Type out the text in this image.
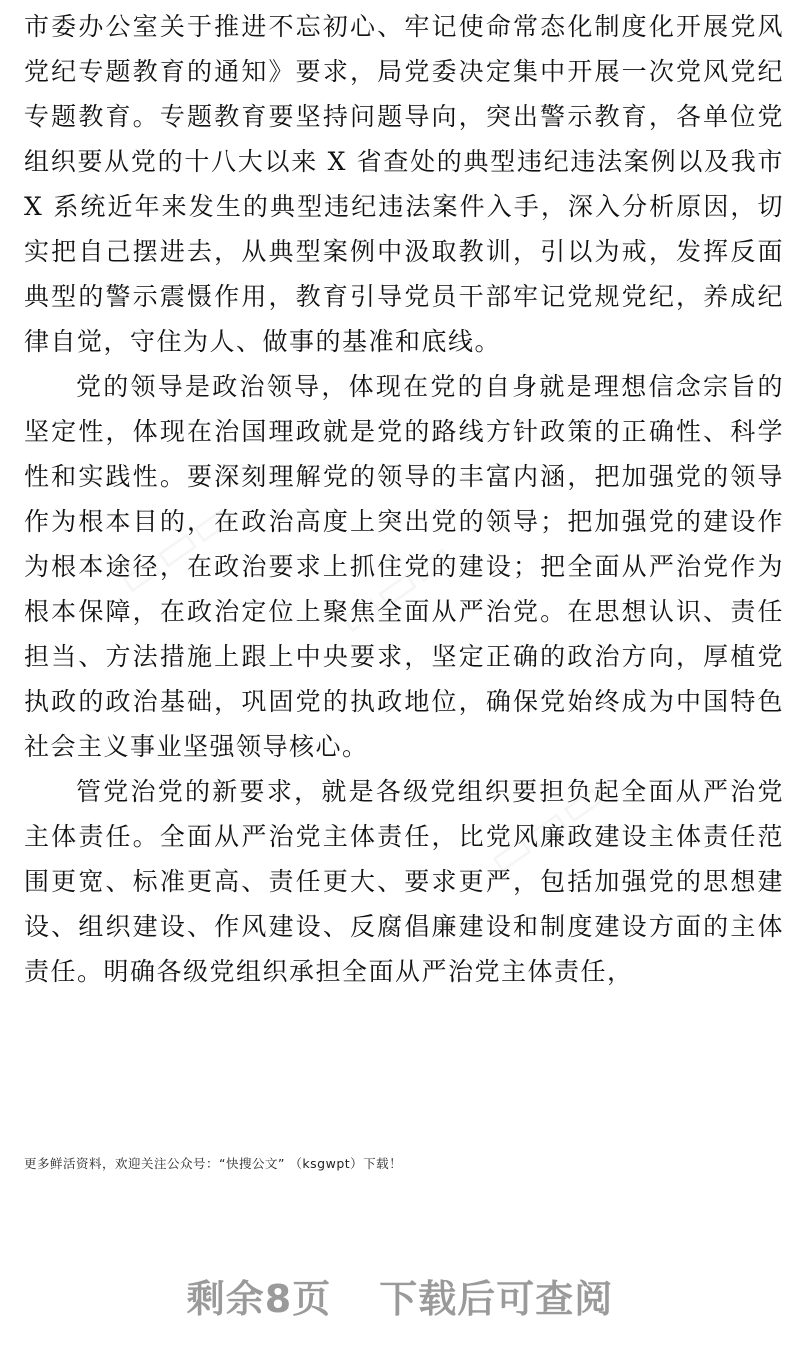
▭▭▭ ▭▭▭
▭▭▭

市委办公室关于推进不忘初心、牢记使命常态化制度化开展党风党纪专题教育的通知》要求，局党委决定集中开展一次党风党纪专题教育。专题教育要坚持问题导向，突出警示教育，各单位党组织要从党的十八大以来 X 省查处的典型违纪违法案例以及我市 X 系统近年来发生的典型违纪违法案件入手，深入分析原因，切实把自己摆进去，从典型案例中汲取教训，引以为戒，发挥反面典型的警示震慑作用，教育引导党员干部牢记党规党纪，养成纪律自觉，守住为人、做事的基准和底线。

党的领导是政治领导，体现在党的自身就是理想信念宗旨的坚定性，体现在治国理政就是党的路线方针政策的正确性、科学性和实践性。要深刻理解党的领导的丰富内涵，把加强党的领导作为根本目的，在政治高度上突出党的领导；把加强党的建设作为根本途径，在政治要求上抓住党的建设；把全面从严治党作为根本保障，在政治定位上聚焦全面从严治党。在思想认识、责任担当、方法措施上跟上中央要求，坚定正确的政治方向，厚植党执政的政治基础，巩固党的执政地位，确保党始终成为中国特色社会主义事业坚强领导核心。

管党治党的新要求，就是各级党组织要担负起全面从严治党主体责任。全面从严治党主体责任，比党风廉政建设主体责任范围更宽、标准更高、责任更大、要求更严，包括加强党的思想建设、组织建设、作风建设、反腐倡廉建设和制度建设方面的主体责任。明确各级党组织承担全面从严治党主体责任，

更多鲜活资料，欢迎关注公众号：“快搜公文” （ksgwpt）下载！
剩余8页 下载后可查阅
